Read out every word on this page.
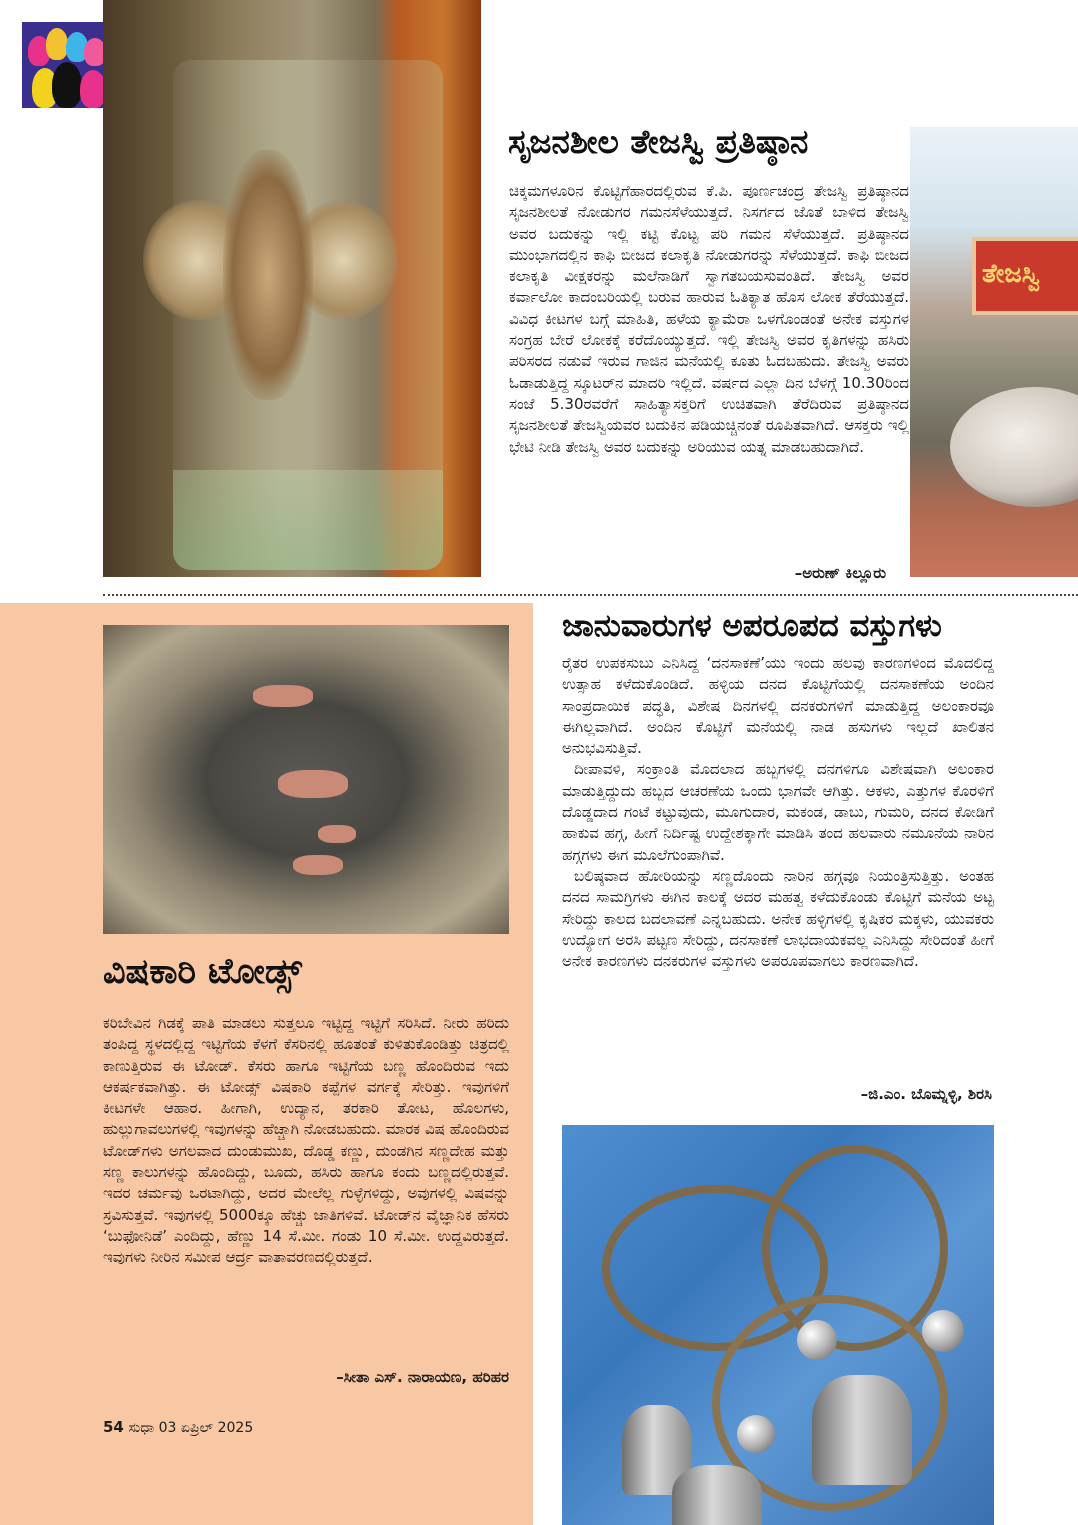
ಸೃಜನಶೀಲ ತೇಜಸ್ವಿ ಪ್ರತಿಷ್ಠಾನ
ಚಿಕ್ಕಮಗಳೂರಿನ ಕೊಟ್ಟಿಗೆಹಾರದಲ್ಲಿರುವ ಕೆ.ಪಿ. ಪೂರ್ಣಚಂದ್ರ ತೇಜಸ್ವಿ ಪ್ರತಿಷ್ಠಾನದ ಸೃಜನಶೀಲತೆ ನೋಡುಗರ ಗಮನಸೆಳೆಯುತ್ತದೆ. ನಿಸರ್ಗದ ಜೊತೆ ಬಾಳಿದ ತೇಜಸ್ವಿ ಅವರ ಬದುಕನ್ನು ಇಲ್ಲಿ ಕಟ್ಟಿ ಕೊಟ್ಟ ಪರಿ ಗಮನ ಸೆಳೆಯುತ್ತದೆ. ಪ್ರತಿಷ್ಠಾನದ ಮುಂಭಾಗದಲ್ಲಿನ ಕಾಫಿ ಬೀಜದ ಕಲಾಕೃತಿ ನೋಡುಗರನ್ನು ಸೆಳೆಯುತ್ತದೆ. ಕಾಫಿ ಬೀಜದ ಕಲಾಕೃತಿ ವೀಕ್ಷಕರನ್ನು ಮಲೆನಾಡಿಗೆ ಸ್ವಾಗತಬಯಸುವಂತಿದೆ. ತೇಜಸ್ವಿ ಅವರ ಕರ್ವಾಲೋ ಕಾದಂಬರಿಯಲ್ಲಿ ಬರುವ ಹಾರುವ ಓತಿಕ್ಯಾತ ಹೊಸ ಲೋಕ ತೆರೆಯುತ್ತದೆ. ವಿವಿಧ ಕೀಟಗಳ ಬಗ್ಗೆ ಮಾಹಿತಿ, ಹಳೆಯ ಕ್ಯಾಮೆರಾ ಒಳಗೊಂಡಂತೆ ಅನೇಕ ವಸ್ತುಗಳ ಸಂಗ್ರಹ ಬೇರೆ ಲೋಕಕ್ಕೆ ಕರೆದೊಯ್ಯುತ್ತದೆ. ಇಲ್ಲಿ ತೇಜಸ್ವಿ ಅವರ ಕೃತಿಗಳನ್ನು ಹಸಿರು ಪರಿಸರದ ನಡುವೆ ಇರುವ ಗಾಜಿನ ಮನೆಯಲ್ಲಿ ಕೂತು ಓದಬಹುದು. ತೇಜಸ್ವಿ ಅವರು ಓಡಾಡುತ್ತಿದ್ದ ಸ್ಕೂಟರ್‌ನ ಮಾದರಿ ಇಲ್ಲಿದೆ. ವರ್ಷದ ಎಲ್ಲಾ ದಿನ ಬೆಳಗ್ಗೆ 10.30ರಿಂದ ಸಂಜೆ 5.30ರವರೆಗೆ ಸಾಹಿತ್ಯಾಸಕ್ತರಿಗೆ ಉಚಿತವಾಗಿ ತೆರೆದಿರುವ ಪ್ರತಿಷ್ಠಾನದ ಸೃಜನಶೀಲತೆ ತೇಜಸ್ವಿಯವರ ಬದುಕಿನ ಪಡಿಯಚ್ಚಿನಂತೆ ರೂಪಿತವಾಗಿದೆ. ಆಸಕ್ತರು ಇಲ್ಲಿ ಭೇಟಿ ನೀಡಿ ತೇಜಸ್ವಿ ಅವರ ಬದುಕನ್ನು ಅರಿಯುವ ಯತ್ನ ಮಾಡಬಹುದಾಗಿದೆ.
–ಅರುಣ್ ಕಿಲ್ಲೂರು
ತೇಜಸ್ವಿ
ಜಾನುವಾರುಗಳ ಅಪರೂಪದ ವಸ್ತುಗಳು

ರೈತರ ಉಪಕಸುಬು ಎನಿಸಿದ್ದ ‘ದನಸಾಕಣೆ’ಯು ಇಂದು ಹಲವು ಕಾರಣಗಳಿಂದ ಮೊದಲಿದ್ದ ಉತ್ಸಾಹ ಕಳೆದುಕೊಂಡಿದೆ. ಹಳ್ಳಿಯ ದನದ ಕೊಟ್ಟಿಗೆಯಲ್ಲಿ ದನಸಾಕಣೆಯ ಅಂದಿನ ಸಾಂಪ್ರದಾಯಿಕ ಪದ್ಧತಿ, ವಿಶೇಷ ದಿನಗಳಲ್ಲಿ ದನಕರುಗಳಿಗೆ ಮಾಡುತ್ತಿದ್ದ ಅಲಂಕಾರವೂ ಈಗಿಲ್ಲವಾಗಿದೆ. ಅಂದಿನ ಕೊಟ್ಟಿಗೆ ಮನೆಯಲ್ಲಿ ನಾಡ ಹಸುಗಳು ಇಲ್ಲದೆ ಖಾಲಿತನ ಅನುಭವಿಸುತ್ತಿವೆ.

ದೀಪಾವಳಿ, ಸಂಕ್ರಾಂತಿ ಮೊದಲಾದ ಹಬ್ಬಗಳಲ್ಲಿ ದನಗಳಿಗೂ ವಿಶೇಷವಾಗಿ ಅಲಂಕಾರ ಮಾಡುತ್ತಿದ್ದುದು ಹಬ್ಬದ ಆಚರಣೆಯ ಒಂದು ಭಾಗವೇ ಆಗಿತ್ತು. ಆಕಳು, ಎತ್ತುಗಳ ಕೊರಳಿಗೆ ದೊಡ್ಡದಾದ ಗಂಟೆ ಕಟ್ಟುವುದು, ಮೂಗುದಾರ, ಮಕಂಡ, ಡಾಬು, ಗುಮರಿ, ದನದ ಕೋಡಿಗೆ ಹಾಕುವ ಹಗ್ಗ, ಹೀಗೆ ನಿರ್ದಿಷ್ಟ ಉದ್ದೇಶಕ್ಕಾಗೇ ಮಾಡಿಸಿ ತಂದ ಹಲವಾರು ನಮೂನೆಯ ನಾರಿನ ಹಗ್ಗಗಳು ಈಗ ಮೂಲೆಗುಂಪಾಗಿವೆ.

ಬಲಿಷ್ಠವಾದ ಹೋರಿಯನ್ನು ಸಣ್ಣದೊಂದು ನಾರಿನ ಹಗ್ಗವೂ ನಿಯಂತ್ರಿಸುತ್ತಿತ್ತು. ಅಂತಹ ದನದ ಸಾಮಗ್ರಿಗಳು ಈಗಿನ ಕಾಲಕ್ಕೆ ಅದರ ಮಹತ್ವ ಕಳೆದುಕೊಂಡು ಕೊಟ್ಟಿಗೆ ಮನೆಯ ಅಟ್ಟ ಸೇರಿದ್ದು ಕಾಲದ ಬದಲಾವಣೆ ಎನ್ನಬಹುದು. ಅನೇಕ ಹಳ್ಳಿಗಳಲ್ಲಿ ಕೃಷಿಕರ ಮಕ್ಕಳು, ಯುವಕರು ಉದ್ಯೋಗ ಅರಸಿ ಪಟ್ಟಣ ಸೇರಿದ್ದು, ದನಸಾಕಣೆ ಲಾಭದಾಯಕವಲ್ಲ ಎನಿಸಿದ್ದು ಸೇರಿದಂತೆ ಹೀಗೆ ಅನೇಕ ಕಾರಣಗಳು ದನಕರುಗಳ ವಸ್ತುಗಳು ಅಪರೂಪವಾಗಲು ಕಾರಣವಾಗಿದೆ.

–ಜಿ.ಎಂ. ಬೊಮ್ನಳ್ಳಿ, ಶಿರಸಿ
ವಿಷಕಾರಿ ಟೋಡ್ಸ್
ಕರಿಬೇವಿನ ಗಿಡಕ್ಕೆ ಪಾತಿ ಮಾಡಲು ಸುತ್ತಲೂ ಇಟ್ಟಿದ್ದ ಇಟ್ಟಿಗೆ ಸರಿಸಿದೆ. ನೀರು ಹರಿದು ತಂಪಿದ್ದ ಸ್ಥಳದಲ್ಲಿದ್ದ ಇಟ್ಟಿಗೆಯ ಕೆಳಗೆ ಕೆಸರಿನಲ್ಲಿ ಹೂತಂತೆ ಕುಳಿತುಕೊಂಡಿತ್ತು ಚಿತ್ರದಲ್ಲಿ ಕಾಣುತ್ತಿರುವ ಈ ಟೋಡ್. ಕೆಸರು ಹಾಗೂ ಇಟ್ಟಿಗೆಯ ಬಣ್ಣ ಹೊಂದಿರುವ ಇದು ಆಕರ್ಷಕವಾಗಿತ್ತು. ಈ ಟೋಡ್ಸ್ ವಿಷಕಾರಿ ಕಪ್ಪೆಗಳ ವರ್ಗಕ್ಕೆ ಸೇರಿತ್ತು. ಇವುಗಳಿಗೆ ಕೀಟಗಳೇ ಆಹಾರ. ಹೀಗಾಗಿ, ಉದ್ಯಾನ, ತರಕಾರಿ ತೋಟ, ಹೊಲಗಳು, ಹುಲ್ಲುಗಾವಲುಗಳಲ್ಲಿ ಇವುಗಳನ್ನು ಹೆಚ್ಚಾಗಿ ನೋಡಬಹುದು. ಮಾರಕ ವಿಷ ಹೊಂದಿರುವ ಟೋಡ್‌ಗಳು ಅಗಲವಾದ ದುಂಡುಮುಖ, ದೊಡ್ಡ ಕಣ್ಣು, ದುಂಡಗಿನ ಸಣ್ಣದೇಹ ಮತ್ತು ಸಣ್ಣ ಕಾಲುಗಳನ್ನು ಹೊಂದಿದ್ದು, ಬೂದು, ಹಸಿರು ಹಾಗೂ ಕಂದು ಬಣ್ಣದಲ್ಲಿರುತ್ತವೆ. ಇದರ ಚರ್ಮವು ಒರಟಾಗಿದ್ದು, ಅದರ ಮೇಲೆಲ್ಲ ಗುಳ್ಳೆಗಳಿದ್ದು, ಅವುಗಳಲ್ಲಿ ವಿಷವನ್ನು ಸ್ರವಿಸುತ್ತವೆ. ಇವುಗಳಲ್ಲಿ 5000ಕ್ಕೂ ಹೆಚ್ಚು ಜಾತಿಗಳಿವೆ. ಟೋಡ್‌ನ ವೈಜ್ಞಾನಿಕ ಹೆಸರು ‘ಬುಫೋನಿಡೆ’ ಎಂದಿದ್ದು, ಹೆಣ್ಣು 14 ಸೆ.ಮೀ. ಗಂಡು 10 ಸೆ.ಮೀ. ಉದ್ದವಿರುತ್ತದೆ. ಇವುಗಳು ನೀರಿನ ಸಮೀಪ ಆರ್ದ್ರ ವಾತಾವರಣದಲ್ಲಿರುತ್ತದೆ.
–ಸೀತಾ ಎಸ್. ನಾರಾಯಣ, ಹರಿಹರ
54 ಸುಧಾ 03 ಏಪ್ರಿಲ್ 2025
